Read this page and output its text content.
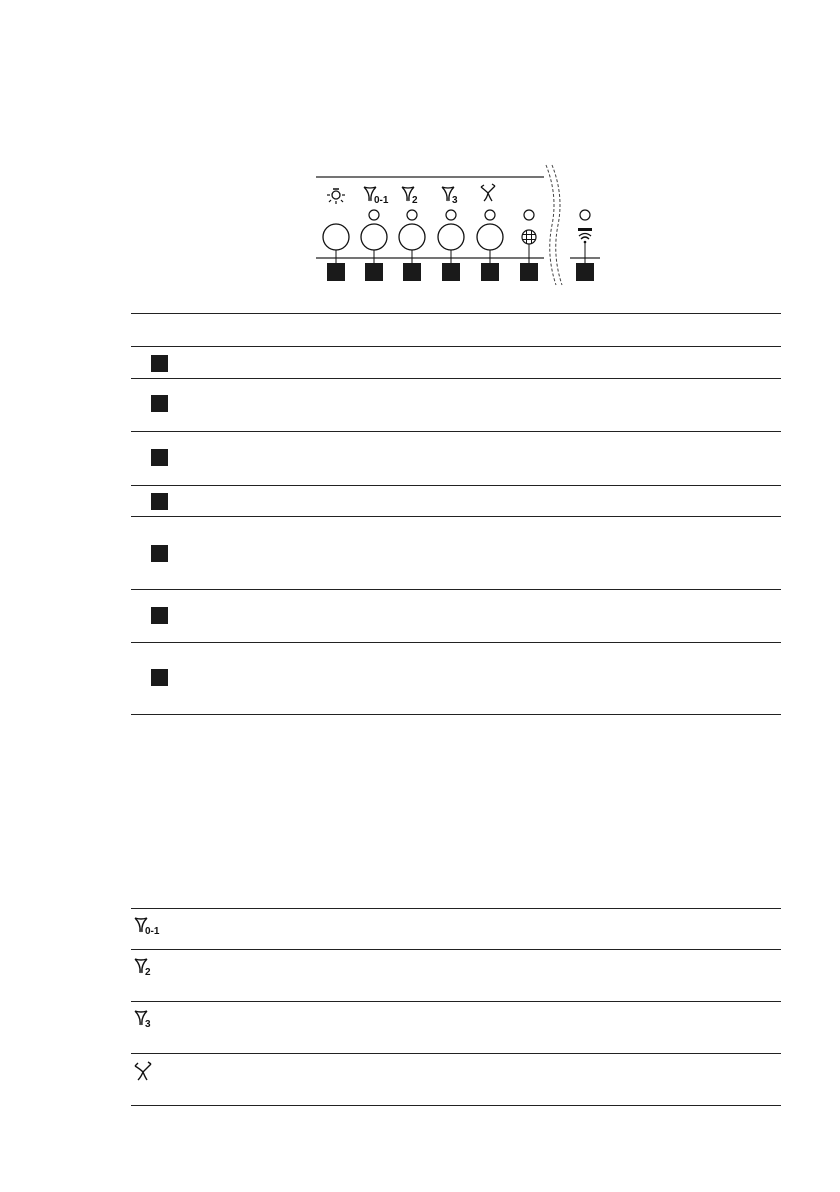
0-1 2	3
0-1
2
3
